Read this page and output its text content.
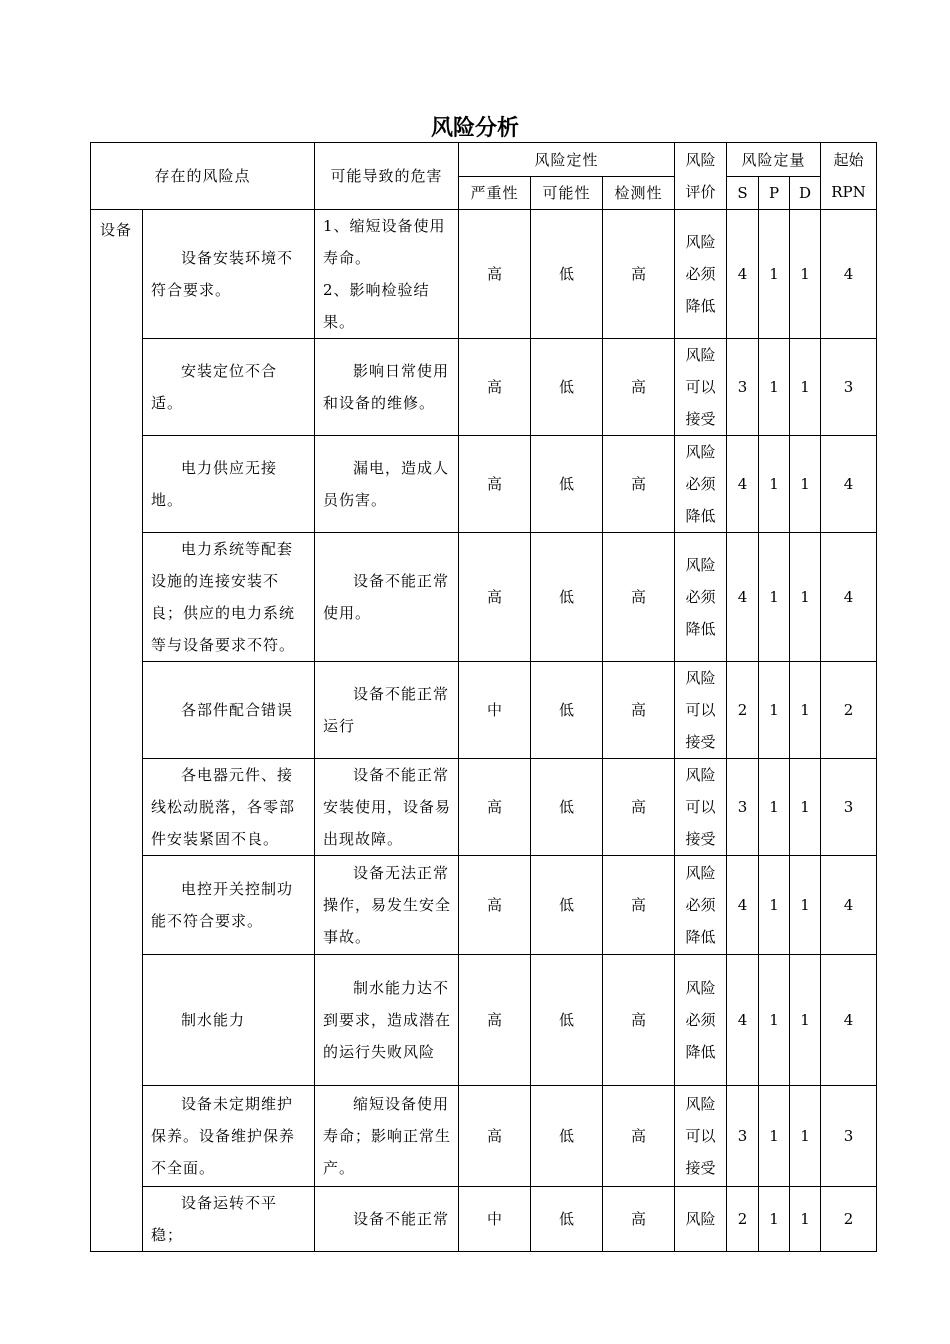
风险分析
存在的风险点		可能导致的危害	风险定性			风险
评价	风险定量			起始
RPN

			严重性	可能性	检测性		S	P	D	
设备	设备安装环境不符合要求。	1、缩短设备使用寿命。
2、影响检验结果。	高	低	高	风险
必须
降低	4	1	1	4
	安装定位不合适。	影响日常使用和设备的维修。	高	低	高	风险
可以
接受	3	1	1	3
	电力供应无接地。	漏电，造成人员伤害。	高	低	高	风险
必须
降低	4	1	1	4
	电力系统等配套设施的连接安装不良；供应的电力系统等与设备要求不符。	设备不能正常使用。	高	低	高	风险
必须
降低	4	1	1	4
	各部件配合错误	设备不能正常运行	中	低	高	风险
可以
接受	2	1	1	2
	各电器元件、接线松动脱落，各零部件安装紧固不良。	设备不能正常安装使用，设备易出现故障。	高	低	高	风险
可以
接受	3	1	1	3
	电控开关控制功能不符合要求。	设备无法正常操作，易发生安全事故。	高	低	高	风险
必须
降低	4	1	1	4
	制水能力	制水能力达不到要求，造成潜在的运行失败风险	高	低	高	风险
必须
降低	4	1	1	4
	设备未定期维护保养。设备维护保养不全面。	缩短设备使用寿命；影响正常生产。	高	低	高	风险
可以
接受	3	1	1	3
	设备运转不平稳；	设备不能正常	中	低	高	风险	2	1	1	2
